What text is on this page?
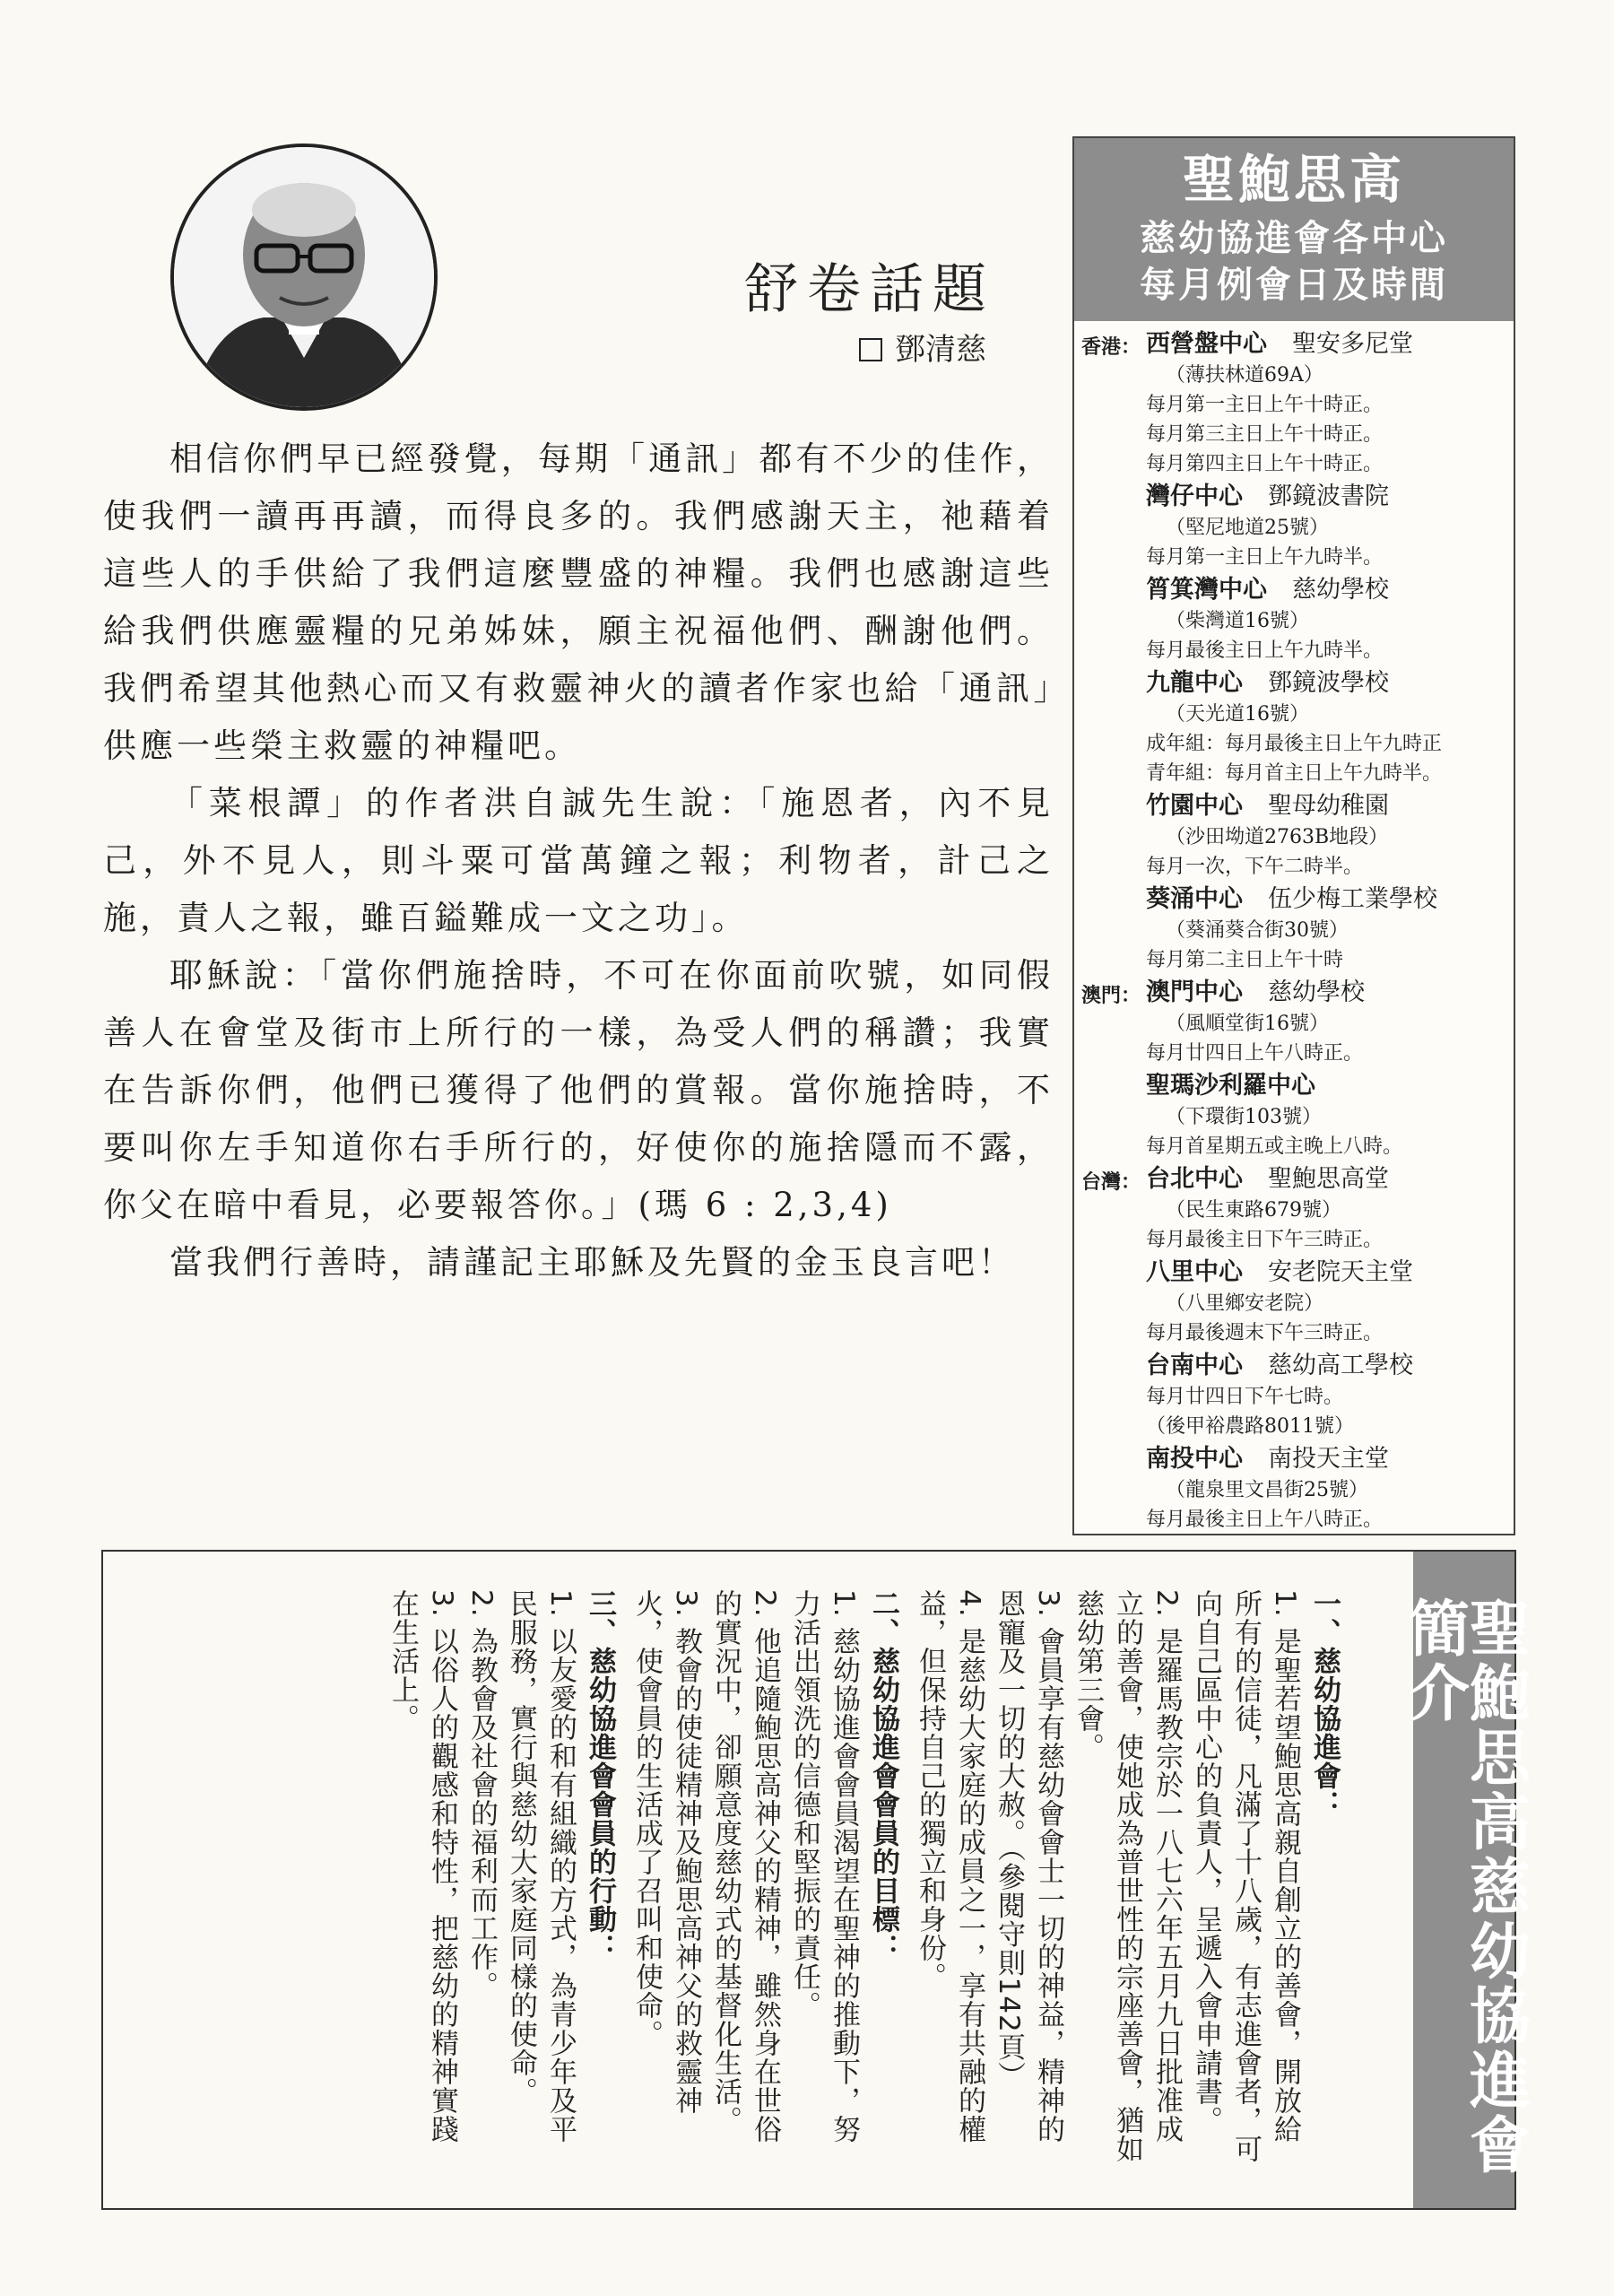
舒卷話題
鄧清慈

相信你們早已經發覺，每期「通訊」都有不少的佳作，使我們一讀再再讀，而得良多的。我們感謝天主，祂藉着這些人的手供給了我們這麼豐盛的神糧。我們也感謝這些給我們供應靈糧的兄弟姊妹，願主祝福他們、酬謝他們。我們希望其他熱心而又有救靈神火的讀者作家也給「通訊」供應一些榮主救靈的神糧吧。

「菜根譚」的作者洪自誠先生說：「施恩者，內不見己，外不見人，則斗粟可當萬鐘之報；利物者，計己之施，責人之報，雖百鎰難成一文之功」。

耶穌說：「當你們施捨時，不可在你面前吹號，如同假善人在會堂及街市上所行的一樣，為受人們的稱讚；我實在告訴你們，他們已獲得了他們的賞報。當你施捨時，不要叫你左手知道你右手所行的，好使你的施捨隱而不露，你父在暗中看見，必要報答你。」(瑪 6 : 2,3,4)

當我們行善時，請謹記主耶穌及先賢的金玉良言吧！

聖鮑思高
慈幼協進會各中心
每月例會日及時間
香港： 西營盤中心 聖安多尼堂
（薄扶林道69A）
每月第一主日上午十時正。
每月第三主日上午十時正。
每月第四主日上午十時正。
灣仔中心 鄧鏡波書院
（堅尼地道25號）
每月第一主日上午九時半。
筲箕灣中心 慈幼學校
（柴灣道16號）
每月最後主日上午九時半。
九龍中心 鄧鏡波學校
（天光道16號）
成年組：每月最後主日上午九時正
青年組：每月首主日上午九時半。
竹園中心 聖母幼稚園
（沙田坳道2763B地段）
每月一次，下午二時半。
葵涌中心 伍少梅工業學校
（葵涌葵合街30號）
每月第二主日上午十時
澳門： 澳門中心 慈幼學校
（風順堂街16號）
每月廿四日上午八時正。
聖瑪沙利羅中心
（下環街103號）
每月首星期五或主晚上八時。
台灣： 台北中心 聖鮑思高堂
（民生東路679號）
每月最後主日下午三時正。
八里中心 安老院天主堂
（八里鄉安老院）
每月最後週末下午三時正。
台南中心 慈幼高工學校
每月廿四日下午七時。
（後甲裕農路8011號）
南投中心 南投天主堂
（龍泉里文昌街25號）
每月最後主日上午八時正。
聖鮑思高慈幼協進會簡介
一、慈幼協進會：
1. 是聖若望鮑思高親自創立的善會，開放給所有的信徒，凡滿了十八歲，有志進會者，可向自己區中心的負責人，呈遞入會申請書。
2. 是羅馬教宗於一八七六年五月九日批准成立的善會，使她成為普世性的宗座善會，猶如慈幼第三會。
3. 會員享有慈幼會會士一切的神益，精神的恩寵及一切的大赦。（參閱守則142頁）
4. 是慈幼大家庭的成員之一，享有共融的權益，但保持自己的獨立和身份。
二、慈幼協進會會員的目標：
1. 慈幼協進會會員渴望在聖神的推動下，努力活出領洗的信德和堅振的責任。
2. 他追隨鮑思高神父的精神，雖然身在世俗的實況中，卻願意度慈幼式的基督化生活。
3. 教會的使徒精神及鮑思高神父的救靈神火，使會員的生活成了召叫和使命。
三、慈幼協進會會員的行動：
1. 以友愛的和有組織的方式，為青少年及平民服務，實行與慈幼大家庭同樣的使命。
2. 為教會及社會的福利而工作。
3. 以俗人的觀感和特性，把慈幼的精神實踐在生活上。
